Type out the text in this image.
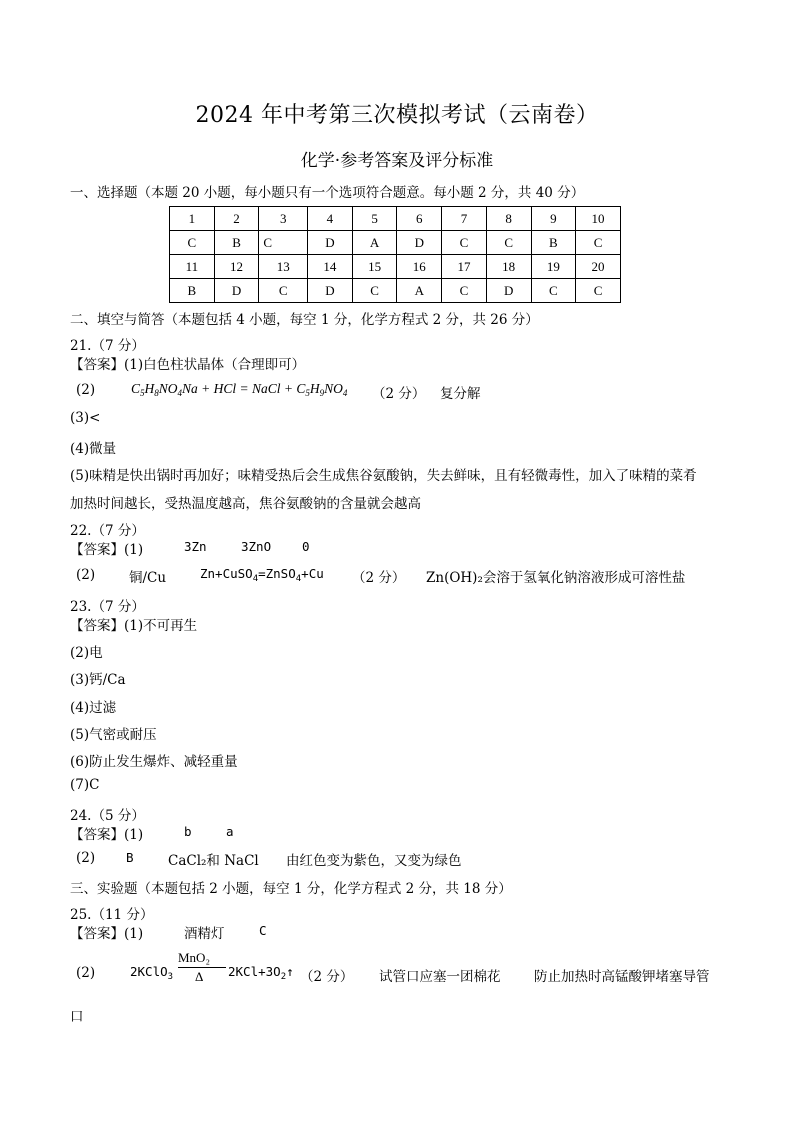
2024 年中考第三次模拟考试（云南卷）
化学·参考答案及评分标准
一、选择题（本题 20 小题，每小题只有一个选项符合题意。每小题 2 分，共 40 分）
1	2	3	4	5	6	7	8	9	10
C	B	C	D	A	D	C	C	B	C
11	12	13	14	15	16	17	18	19	20
B	D	C	D	C	A	C	D	C	C
二、填空与简答（本题包括 4 小题，每空 1 分，化学方程式 2 分，共 26 分）
21.（7 分）
【答案】(1)白色柱状晶体（合理即可）
(2)	$C_5H_8NO_4Na$ + HCl = NaCl + $C_5H_9NO_4$ （2 分） 复分解
(3)<
(4)微量
(5)味精是快出锅时再加好；味精受热后会生成焦谷氨酸钠，失去鲜味，且有轻微毒性，加入了味精的菜肴
加热时间越长，受热温度越高，焦谷氨酸钠的含量就会越高
22.（7 分）
【答案】(1)	3Zn	3ZnO 0
(2)	铜/Cu	Zn+CuSO$_4$=ZnSO$_4$+Cu （2 分） Zn(OH)₂会溶于氢氧化钠溶液形成可溶性盐
23.（7 分）
【答案】(1)不可再生
(2)电
(3)钙/Ca
(4)过滤
(5)气密或耐压
(6)防止发生爆炸、减轻重量
(7)C
24.（5 分）
【答案】(1)	b	a
(2) B	CaCl₂和 NaCl 由红色变为紫色，又变为绿色
三、实验题（本题包括 2 小题，每空 1 分，化学方程式 2 分，共 18 分）
25.（11 分）
【答案】(1)	酒精灯	C
(2)	2KClO$_3$
MnO₂
Δ $2KCl+3O_2↑$ （2 分） 试管口应塞一团棉花 防止加热时高锰酸钾堵塞导管
口
